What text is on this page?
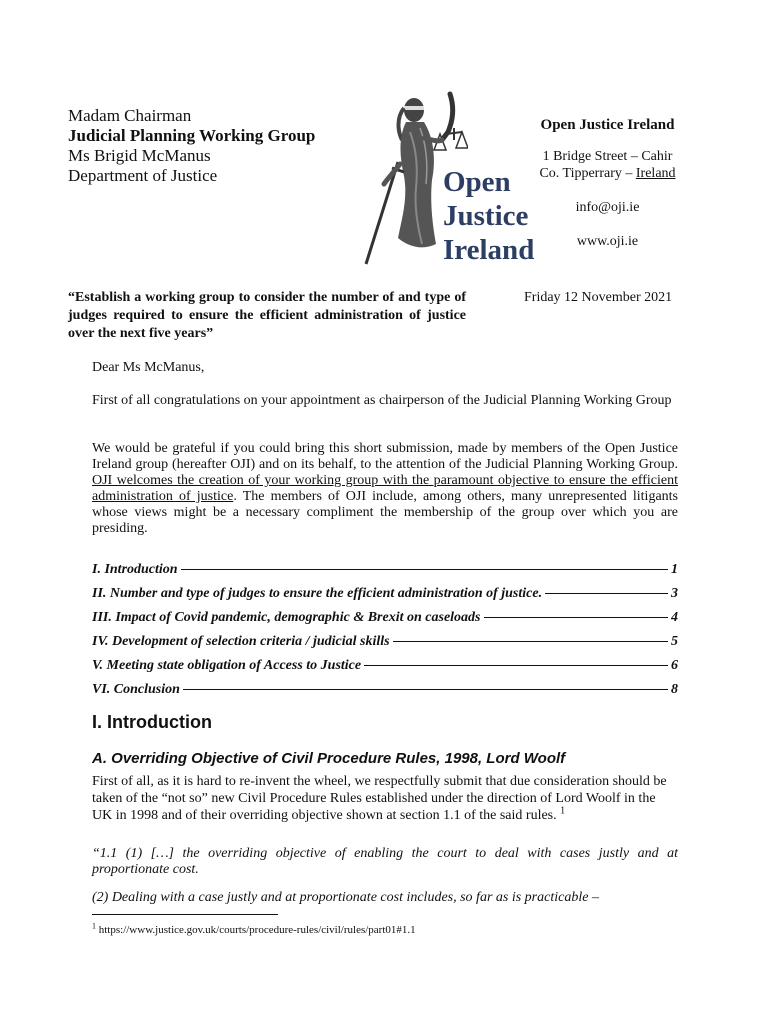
Madam Chairman
Judicial Planning Working Group
Ms Brigid McManus
Department of Justice	Open
Justice
Ireland
Open Justice Ireland
1 Bridge Street – Cahir
Co. Tipperrary – Ireland
info@oji.ie
www.oji.ie
“Establish a working group to consider the number of and type of judges required to ensure the efficient administration of justice over the next five years”
Friday 12 November 2021
Dear Ms McManus,
First of all congratulations on your appointment as chairperson of the Judicial Planning Working Group
We would be grateful if you could bring this short submission, made by members of the Open Justice Ireland group (hereafter OJI) and on its behalf, to the attention of the Judicial Planning Working Group. OJI welcomes the creation of your working group with the paramount objective to ensure the efficient administration of justice. The members of OJI include, among others, many unrepresented litigants whose views might be a necessary compliment the membership of the group over which you are presiding.
I. Introduction	1
II. Number and type of judges to ensure the efficient administration of justice.	3
III. Impact of Covid pandemic, demographic & Brexit on caseloads	4
IV. Development of selection criteria / judicial skills	5
V. Meeting state obligation of Access to Justice	6
VI. Conclusion	8
I. Introduction
A. Overriding Objective of Civil Procedure Rules, 1998, Lord Woolf
First of all, as it is hard to re-invent the wheel, we respectfully submit that due consideration should be taken of the “not so” new Civil Procedure Rules established under the direction of Lord Woolf in the UK in 1998 and of their overriding objective shown at section 1.1 of the said rules. $^1$
“1.1 (1) […] the overriding objective of enabling the court to deal with cases justly and at proportionate cost.
(2) Dealing with a case justly and at proportionate cost includes, so far as is practicable –
$^1$ https://www.justice.gov.uk/courts/procedure-rules/civil/rules/part01#1.1
